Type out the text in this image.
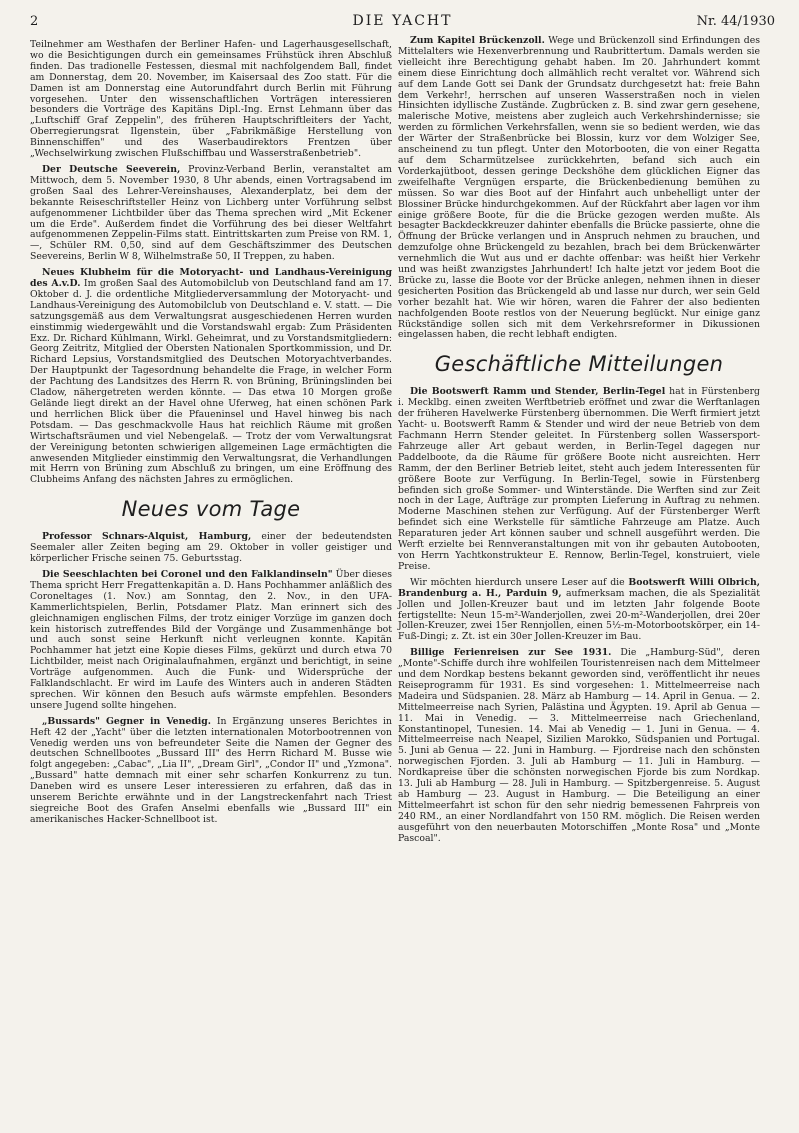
2	DIE YACHT	Nr. 44/1930

Teilnehmer am Westhafen der Berliner Hafen- und Lagerhausgesellschaft, wo die Besichtigungen durch ein gemeinsames Frühstück ihren Abschluß finden. Das tradionelle Festessen, diesmal mit nachfolgendem Ball, findet am Donnerstag, dem 20. November, im Kaisersaal des Zoo statt. Für die Damen ist am Donnerstag eine Autorundfahrt durch Berlin mit Führung vorgesehen. Unter den wissenschaftlichen Vorträgen interessieren besonders die Vorträge des Kapitäns Dipl.-Ing. Ernst Lehmann über das „Luftschiff Graf Zeppelin", des früheren Hauptschriftleiters der Yacht, Oberregierungsrat Ilgenstein, über „Fabrikmäßige Herstellung von Binnenschiffen" und des Waserbaudirektors Frentzen über „Wechselwirkung zwischen Flußschiffbau und Wasserstraßenbetrieb".

Der Deutsche Seeverein, Provinz-Verband Berlin, veranstaltet am Mittwoch, dem 5. November 1930, 8 Uhr abends, einen Vortragsabend im großen Saal des Lehrer-Vereinshauses, Alexanderplatz, bei dem der bekannte Reiseschriftsteller Heinz von Lichberg unter Vorführung selbst aufgenommener Lichtbilder über das Thema sprechen wird „Mit Eckener um die Erde". Außerdem findet die Vorführung des bei dieser Weltfahrt aufgenommenen Zeppelin-Films statt. Eintrittskarten zum Preise von RM. 1,—, Schüler RM. 0,50, sind auf dem Geschäftszimmer des Deutschen Seevereins, Berlin W 8, Wilhelmstraße 50, II Treppen, zu haben.

Neues Klubheim für die Motoryacht- und Landhaus-Vereinigung des A.v.D. Im großen Saal des Automobilclub von Deutschland fand am 17. Oktober d. J. die ordentliche Mitgliederversammlung der Motoryacht- und Landhaus-Vereinigung des Automobilclub von Deutschland e. V. statt. — Die satzungsgemäß aus dem Verwaltungsrat ausgeschiedenen Herren wurden einstimmig wiedergewählt und die Vorstandswahl ergab: Zum Präsidenten Exz. Dr. Richard Kühlmann, Wirkl. Geheimrat, und zu Vorstandsmitgliedern: Georg Zeitritz, Mitglied der Obersten Nationalen Sportkommission, und Dr. Richard Lepsius, Vorstandsmitglied des Deutschen Motoryachtverbandes. Der Hauptpunkt der Tagesordnung behandelte die Frage, in welcher Form der Pachtung des Landsitzes des Herrn R. von Brüning, Brüningslinden bei Cladow, nähergetreten werden könnte. — Das etwa 10 Morgen große Gelände liegt direkt an der Havel ohne Uferweg, hat einen schönen Park und herrlichen Blick über die Pfaueninsel und Havel hinweg bis nach Potsdam. — Das geschmackvolle Haus hat reichlich Räume mit großen Wirtschaftsräumen und viel Nebengelaß. — Trotz der vom Verwaltungsrat der Vereinigung betonten schwierigen allgemeinen Lage ermächtigten die anwesenden Mitglieder einstimmig den Verwaltungsrat, die Verhandlungen mit Herrn von Brüning zum Abschluß zu bringen, um eine Eröffnung des Clubheims Anfang des nächsten Jahres zu ermöglichen.

Neues vom Tage

Professor Schnars-Alquist, Hamburg, einer der bedeutendsten Seemaler aller Zeiten beging am 29. Oktober in voller geistiger und körperlicher Frische seinen 75. Geburtsstag.

Die Seeschlachten bei Coronel und den Falklandinseln" Über dieses Thema spricht Herr Fregattenkapitän a. D. Hans Pochhammer anläßlich des Coroneltages (1. Nov.) am Sonntag, den 2. Nov., in den UFA-Kammerlichtspielen, Berlin, Potsdamer Platz. Man erinnert sich des gleichnamigen englischen Films, der trotz einiger Vorzüge im ganzen doch kein historisch zutreffendes Bild der Vorgänge und Zusammenhänge bot und auch sonst seine Herkunft nicht verleugnen konnte. Kapitän Pochhammer hat jetzt eine Kopie dieses Films, gekürzt und durch etwa 70 Lichtbilder, meist nach Originalaufnahmen, ergänzt und berichtigt, in seine Vorträge aufgenommen. Auch die Funk- und Widersprüche der Falklandschlacht. Er wird im Laufe des Winters auch in anderen Städten sprechen. Wir können den Besuch aufs wärmste empfehlen. Besonders unsere Jugend sollte hingehen.

„Bussards" Gegner in Venedig. In Ergänzung unseres Berichtes in Heft 42 der „Yacht" über die letzten internationalen Motorbootrennen von Venedig werden uns von befreundeter Seite die Namen der Gegner des deutschen Schnellbootes „Bussard III" des Herrn Richard M. Busse wie folgt angegeben: „Cabac", „Lia II", „Dream Girl", „Condor II" und „Yzmona". „Bussard" hatte demnach mit einer sehr scharfen Konkurrenz zu tun. Daneben wird es unsere Leser interessieren zu erfahren, daß das in unserem Berichte erwähnte und in der Langstreckenfahrt nach Triest siegreiche Boot des Grafen Anselmi ebenfalls wie „Bussard III" ein amerikanisches Hacker-Schnellboot ist.

Zum Kapitel Brückenzoll. Wege und Brückenzoll sind Erfindungen des Mittelalters wie Hexenverbrennung und Raubrittertum. Damals werden sie vielleicht ihre Berechtigung gehabt haben. Im 20. Jahrhundert kommt einem diese Einrichtung doch allmählich recht veraltet vor. Während sich auf dem Lande Gott sei Dank der Grundsatz durchgesetzt hat: freie Bahn dem Verkehr!, herrschen auf unseren Wasserstraßen noch in vielen Hinsichten idyllische Zustände. Zugbrücken z. B. sind zwar gern gesehene, malerische Motive, meistens aber zugleich auch Verkehrshindernisse; sie werden zu förmlichen Verkehrsfallen, wenn sie so bedient werden, wie das der Wärter der Straßenbrücke bei Blossin, kurz vor dem Wolziger See, anscheinend zu tun pflegt. Unter den Motorbooten, die von einer Regatta auf dem Scharmützelsee zurückkehrten, befand sich auch ein Vorderkajütboot, dessen geringe Deckshöhe dem glücklichen Eigner das zweifelhafte Vergnügen ersparte, die Brückenbedienung bemühen zu müssen. So war dies Boot auf der Hinfahrt auch unbehelligt unter der Blossiner Brücke hindurchgekommen. Auf der Rückfahrt aber lagen vor ihm einige größere Boote, für die die Brücke gezogen werden mußte. Als besagter Backdeckkreuzer dahinter ebenfalls die Brücke passierte, ohne die Öffnung der Brücke verlangen und in Anspruch nehmen zu brauchen, und demzufolge ohne Brückengeld zu bezahlen, brach bei dem Brückenwärter vernehmlich die Wut aus und er dachte offenbar: was heißt hier Verkehr und was heißt zwanzigstes Jahrhundert! Ich halte jetzt vor jedem Boot die Brücke zu, lasse die Boote vor der Brücke anlegen, nehmen ihnen in dieser gesicherten Position das Brückengeld ab und lasse nur durch, wer sein Geld vorher bezahlt hat. Wie wir hören, waren die Fahrer der also bedienten nachfolgenden Boote restlos von der Neuerung beglückt. Nur einige ganz Rückständige sollen sich mit dem Verkehrsreformer in Dikussionen eingelassen haben, die recht lebhaft endigten.

Geschäftliche Mitteilungen

Die Bootswerft Ramm und Stender, Berlin-Tegel hat in Fürstenberg i. Mecklbg. einen zweiten Werftbetrieb eröffnet und zwar die Werftanlagen der früheren Havelwerke Fürstenberg übernommen. Die Werft firmiert jetzt Yacht- u. Bootswerft Ramm & Stender und wird der neue Betrieb von dem Fachmann Herrn Stender geleitet. In Fürstenberg sollen Wassersport-Fahrzeuge aller Art gebaut werden, in Berlin-Tegel dagegen nur Paddelboote, da die Räume für größere Boote nicht ausreichten. Herr Ramm, der den Berliner Betrieb leitet, steht auch jedem Interessenten für größere Boote zur Verfügung. In Berlin-Tegel, sowie in Fürstenberg befinden sich große Sommer- und Winterstände. Die Werften sind zur Zeit noch in der Lage, Aufträge zur prompten Lieferung in Auftrag zu nehmen. Moderne Maschinen stehen zur Verfügung. Auf der Fürstenberger Werft befindet sich eine Werkstelle für sämtliche Fahrzeuge am Platze. Auch Reparaturen jeder Art können sauber und schnell ausgeführt werden. Die Werft erzielte bei Rennveranstaltungen mit von ihr gebauten Autobooten, von Herrn Yachtkonstrukteur E. Rennow, Berlin-Tegel, konstruiert, viele Preise.

Wir möchten hierdurch unsere Leser auf die Bootswerft Willi Olbrich, Brandenburg a. H., Parduin 9, aufmerksam machen, die als Spezialität Jollen und Jollen-Kreuzer baut und im letzten Jahr folgende Boote fertigstellte: Neun 15-m²-Wanderjollen, zwei 20-m²-Wanderjollen, drei 20er Jollen-Kreuzer, zwei 15er Rennjollen, einen 5½-m-Motorbootskörper, ein 14-Fuß-Dingi; z. Zt. ist ein 30er Jollen-Kreuzer im Bau.

Billige Ferienreisen zur See 1931. Die „Hamburg-Süd", deren „Monte"-Schiffe durch ihre wohlfeilen Touristenreisen nach dem Mittelmeer und dem Nordkap bestens bekannt geworden sind, veröffentlicht ihr neues Reiseprogramm für 1931. Es sind vorgesehen: 1. Mittelmeerreise nach Madeira und Südspanien. 28. März ab Hamburg — 14. April in Genua. — 2. Mittelmeerreise nach Syrien, Palästina und Ägypten. 19. April ab Genua — 11. Mai in Venedig. — 3. Mittelmeerreise nach Griechenland, Konstantinopel, Tunesien. 14. Mai ab Venedig — 1. Juni in Genua. — 4. Mittelmeerreise nach Neapel, Sizilien Marokko, Südspanien und Portugal. 5. Juni ab Genua — 22. Juni in Hamburg. — Fjordreise nach den schönsten norwegischen Fjorden. 3. Juli ab Hamburg — 11. Juli in Hamburg. — Nordkapreise über die schönsten norwegischen Fjorde bis zum Nordkap. 13. Juli ab Hamburg — 28. Juli in Hamburg. — Spitzbergenreise. 5. August ab Hamburg — 23. August in Hamburg. — Die Beteiligung an einer Mittelmeerfahrt ist schon für den sehr niedrig bemessenen Fahrpreis von 240 RM., an einer Nordlandfahrt von 150 RM. möglich. Die Reisen werden ausgeführt von den neuerbauten Motorschiffen „Monte Rosa" und „Monte Pascoal".
